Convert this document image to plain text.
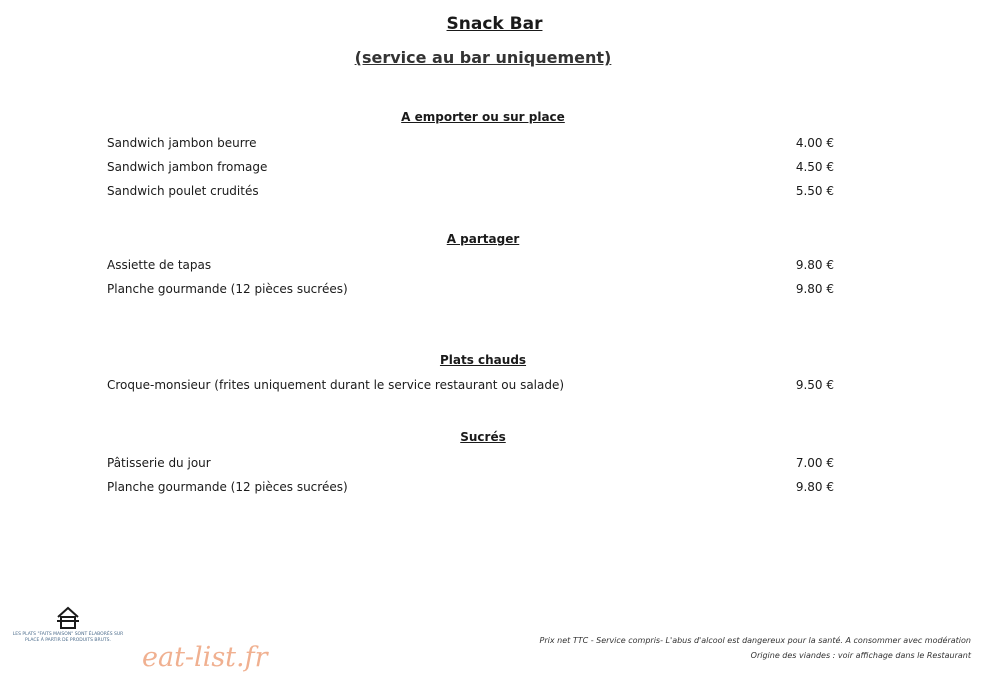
Snack Bar
(service au bar uniquement)
A emporter ou sur place
Sandwich jambon beurre	4.00 €
Sandwich jambon fromage	4.50 €
Sandwich poulet crudités	5.50 €
A partager
Assiette de tapas	9.80 €
Planche gourmande (12 pièces sucrées)	9.80 €
Plats chauds
Croque-monsieur (frites uniquement durant le service restaurant ou salade)	9.50 €
Sucrés
Pâtisserie du jour	7.00 €
Planche gourmande (12 pièces sucrées)	9.80 €
LES PLATS "FAITS MAISON" SONT ÉLABORÉS SUR PLACE À PARTIR DE PRODUITS BRUTS.
eat-list.fr
Prix net TTC - Service compris- L'abus d'alcool est dangereux pour la santé. A consommer avec modération
Origine des viandes : voir affichage dans le Restaurant
